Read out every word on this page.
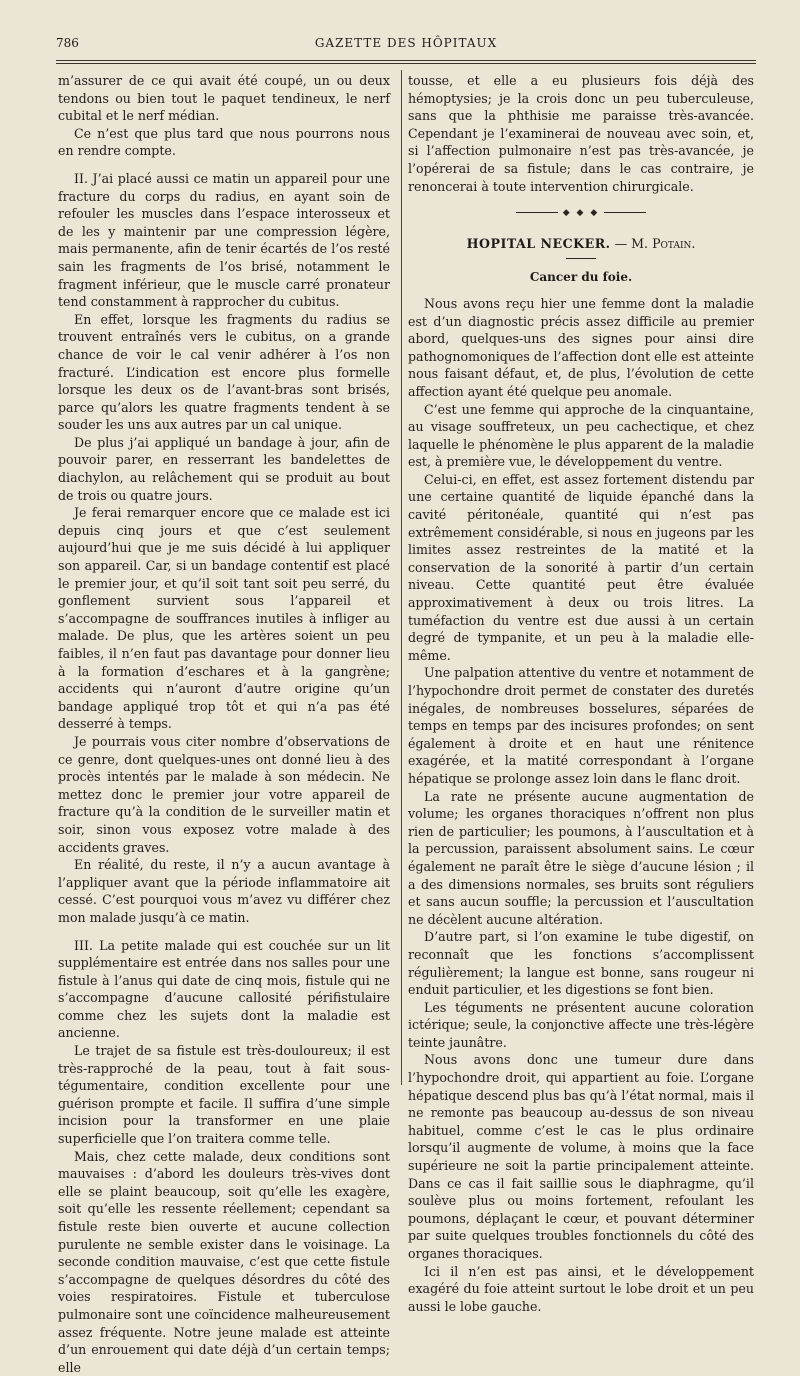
786	GAZETTE DES HÔPITAUX

m’assurer de ce qui avait été coupé, un ou deux tendons ou bien tout le paquet tendineux, le nerf cubital et le nerf médian.

Ce n’est que plus tard que nous pourrons nous en rendre compte.

II. J’ai placé aussi ce matin un appareil pour une fracture du corps du radius, en ayant soin de refouler les muscles dans l’espace interosseux et de les y maintenir par une compression légère, mais permanente, afin de tenir écartés de l’os resté sain les fragments de l’os brisé, notamment le fragment inférieur, que le muscle carré pronateur tend constamment à rapprocher du cubitus.

En effet, lorsque les fragments du radius se trouvent entraînés vers le cubitus, on a grande chance de voir le cal venir adhérer à l’os non fracturé. L’indication est encore plus formelle lorsque les deux os de l’avant-bras sont brisés, parce qu’alors les quatre fragments tendent à se souder les uns aux autres par un cal unique.

De plus j’ai appliqué un bandage à jour, afin de pouvoir parer, en resserrant les bandelettes de diachylon, au relâchement qui se produit au bout de trois ou quatre jours.

Je ferai remarquer encore que ce malade est ici depuis cinq jours et que c’est seulement aujourd’hui que je me suis décidé à lui appliquer son appareil. Car, si un bandage contentif est placé le premier jour, et qu’il soit tant soit peu serré, du gonflement survient sous l’appareil et s’accompagne de souffrances inutiles à infliger au malade. De plus, que les artères soient un peu faibles, il n’en faut pas davantage pour donner lieu à la formation d’eschares et à la gangrène; accidents qui n’auront d’autre origine qu’un bandage appliqué trop tôt et qui n’a pas été desserré à temps.

Je pourrais vous citer nombre d’observations de ce genre, dont quelques-unes ont donné lieu à des procès intentés par le malade à son médecin. Ne mettez donc le premier jour votre appareil de fracture qu’à la condition de le surveiller matin et soir, sinon vous exposez votre malade à des accidents graves.

En réalité, du reste, il n’y a aucun avantage à l’appliquer avant que la période inflammatoire ait cessé. C’est pourquoi vous m’avez vu différer chez mon malade jusqu’à ce matin.

III. La petite malade qui est couchée sur un lit supplémentaire est entrée dans nos salles pour une fistule à l’anus qui date de cinq mois, fistule qui ne s’accompagne d’aucune callosité périfistulaire comme chez les sujets dont la maladie est ancienne.

Le trajet de sa fistule est très-douloureux; il est très-rapproché de la peau, tout à fait sous-tégumentaire, condition excellente pour une guérison prompte et facile. Il suffira d’une simple incision pour la transformer en une plaie superficielle que l’on traitera comme telle.

Mais, chez cette malade, deux conditions sont mauvaises : d’abord les douleurs très-vives dont elle se plaint beaucoup, soit qu’elle les exagère, soit qu’elle les ressente réellement; cependant sa fistule reste bien ouverte et aucune collection purulente ne semble exister dans le voisinage. La seconde condition mauvaise, c’est que cette fistule s’accompagne de quelques désordres du côté des voies respiratoires. Fistule et tuberculose pulmonaire sont une coïncidence malheureusement assez fréquente. Notre jeune malade est atteinte d’un enrouement qui date déjà d’un certain temps; elle

tousse, et elle a eu plusieurs fois déjà des hémoptysies; je la crois donc un peu tuberculeuse, sans que la phthisie me paraisse très-avancée. Cependant je l’examinerai de nouveau avec soin, et, si l’affection pulmonaire n’est pas très-avancée, je l’opérerai de sa fistule; dans le cas contraire, je renoncerai à toute intervention chirurgicale.

◆ ◆ ◆
HOPITAL NECKER. — M. Potain.
Cancer du foie.

Nous avons reçu hier une femme dont la maladie est d’un diagnostic précis assez difficile au premier abord, quelques-uns des signes pour ainsi dire pathognomoniques de l’affection dont elle est atteinte nous faisant défaut, et, de plus, l’évolution de cette affection ayant été quelque peu anomale.

C’est une femme qui approche de la cinquantaine, au visage souffreteux, un peu cachectique, et chez laquelle le phénomène le plus apparent de la maladie est, à première vue, le développement du ventre.

Celui-ci, en effet, est assez fortement distendu par une certaine quantité de liquide épanché dans la cavité péritonéale, quantité qui n’est pas extrêmement considérable, si nous en jugeons par les limites assez restreintes de la matité et la conservation de la sonorité à partir d’un certain niveau. Cette quantité peut être évaluée approximativement à deux ou trois litres. La tuméfaction du ventre est due aussi à un certain degré de tympanite, et un peu à la maladie elle-même.

Une palpation attentive du ventre et notamment de l’hypochondre droit permet de constater des duretés inégales, de nombreuses bosselures, séparées de temps en temps par des incisures profondes; on sent également à droite et en haut une rénitence exagérée, et la matité correspondant à l’organe hépatique se prolonge assez loin dans le flanc droit.

La rate ne présente aucune augmentation de volume; les organes thoraciques n’offrent non plus rien de particulier; les poumons, à l’auscultation et à la percussion, paraissent absolument sains. Le cœur également ne paraît être le siège d’aucune lésion ; il a des dimensions normales, ses bruits sont réguliers et sans aucun souffle; la percussion et l’auscultation ne décèlent aucune altération.

D’autre part, si l’on examine le tube digestif, on reconnaît que les fonctions s’accomplissent régulièrement; la langue est bonne, sans rougeur ni enduit particulier, et les digestions se font bien.

Les téguments ne présentent aucune coloration ictérique; seule, la conjonctive affecte une très-légère teinte jaunâtre.

Nous avons donc une tumeur dure dans l’hypochondre droit, qui appartient au foie. L’organe hépatique descend plus bas qu’à l’état normal, mais il ne remonte pas beaucoup au-dessus de son niveau habituel, comme c’est le cas le plus ordinaire lorsqu’il augmente de volume, à moins que la face supérieure ne soit la partie principalement atteinte. Dans ce cas il fait saillie sous le diaphragme, qu’il soulève plus ou moins fortement, refoulant les poumons, déplaçant le cœur, et pouvant déterminer par suite quelques troubles fonctionnels du côté des organes thoraciques.

Ici il n’en est pas ainsi, et le développement exagéré du foie atteint surtout le lobe droit et un peu aussi le lobe gauche.
